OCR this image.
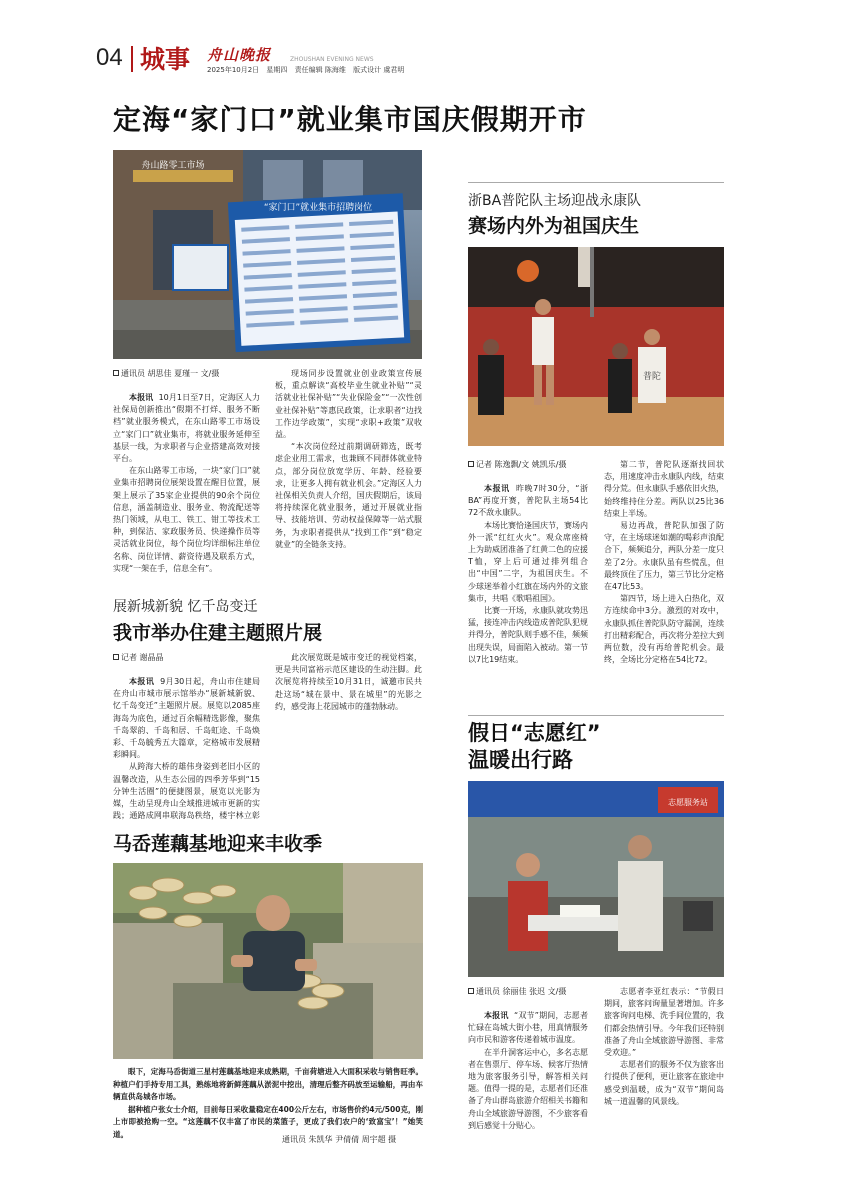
04 城事 舟山晚报	ZHOUSHAN EVENING NEWS
2025年10月2日 星期四 责任编辑 陈海维 版式设计 虞君明
定海“家门口”就业集市国庆假期开市
“家门口”就业集市招聘岗位
舟山路零工市场
通讯员 胡思佳 夏瑾一 文/摄

本报讯 10月1日至7日，定海区人力社保局创新推出“假期不打烊、服务不断档”就业服务模式，在东山路零工市场设立“家门口”就业集市，将就业服务延伸至基层一线，为求职者与企业搭建高效对接平台。

在东山路零工市场，一块“家门口”就业集市招聘岗位展架设置在醒目位置，展架上展示了35家企业提供的90余个岗位信息，涵盖制造业、服务业、物流配送等热门领域，从电工、铁工、钳工等技术工种，到保洁、家政服务员、快递操作员等灵活就业岗位，每个岗位均详细标注单位名称、岗位详情、薪资待遇及联系方式，实现“一架在手，信息全有”。

现场同步设置就业创业政策宣传展板，重点解读“高校毕业生就业补贴”“灵活就业社保补贴”“失业保险金”“一次性创业社保补贴”等惠民政策，让求职者“边找工作边学政策”，实现“求职+政策”双收益。

“本次岗位经过前期调研筛选，既考虑企业用工需求，也兼顾不同群体就业特点，部分岗位放宽学历、年龄、经验要求，让更多人拥有就业机会。”定海区人力社保相关负责人介绍，国庆假期后，该局将持续深化就业服务，通过开展就业指导、技能培训、劳动权益保障等一站式服务，为求职者提供从“找到工作”到“稳定就业”的全链条支持。

展新城新貌 忆千岛变迁
我市举办住建主题照片展
记者 谢晶晶

本报讯 9月30日起，舟山市住建局在舟山市城市展示馆举办“展新城新貌、忆千岛变迁”主题照片展。展览以2085座海岛为底色，通过百余幅精选影像，聚焦千岛翠韵、千岛和居、千岛虹途、千岛焕彩、千岛毓秀五大篇章，定格城市发展精彩瞬间。

从跨海大桥的雄伟身姿到老旧小区的温馨改造，从生态公园的四季芳华到“15分钟生活圈”的便捷图景，展览以光影为媒，生动呈现舟山全域推进城市更新的实践；通路成网串联海岛秩络，楼宇林立彰

此次展览既是城市变迁的视觉档案，更是共同富裕示范区建设的生动注脚。此次展览将持续至10月31日，诚邀市民共赴这场“城在景中、景在城里”的光影之约，感受海上花园城市的蓬勃脉动。

马岙莲藕基地迎来丰收季

眼下，定海马岙街道三星村莲藕基地迎来成熟期，千亩荷塘进入大面积采收与销售旺季。种植户们手持专用工具，熟练地将新鲜莲藕从淤泥中挖出，清理后整齐码放至运输船，再由车辆直供岛城各市场。

据种植户张女士介绍，目前每日采收量稳定在400公斤左右，市场售价约4元/500克，刚上市即被抢购一空。“这莲藕不仅丰富了市民的菜篮子，更成了我们农户的‘致富宝’！”她笑道。

通讯员 朱凯华 尹倩倩 周宇超 摄
浙BA普陀队主场迎战永康队
赛场内外为祖国庆生
普陀
记者 陈逸飘/文 姚凯乐/摄

本报讯 昨晚7时30分，“浙BA”再度开赛，普陀队主场54比72不敌永康队。

本场比赛恰逢国庆节，赛场内外一派“红红火火”。观众席座椅上为助威团准备了红黄二色的应援T恤，穿上后可通过排列组合出“中国”二字，为祖国庆生。不少球迷举着小红旗在场内外的文旅集市，共唱《歌唱祖国》。

比赛一开场，永康队就攻势迅猛，接连冲击内线造成普陀队犯规并得分，普陀队则手感不佳，频频出现失误，局面陷入被动。第一节以7比19结束。

第二节，普陀队逐渐找回状态，用速度冲击永康队内线，结束得分荒。但永康队手感依旧火热，始终维持住分差。两队以25比36结束上半场。

易边再战，普陀队加强了防守，在主场球迷如潮的喝彩声浪配合下，频频追分，两队分差一度只差了2分。永康队虽有些慌乱，但最终顶住了压力，第三节比分定格在47比53。

第四节，场上进入白热化，双方连续命中3分。激烈的对攻中，永康队抓住普陀队防守漏洞，连续打出精彩配合，再次将分差拉大到两位数，没有再给普陀机会。最终，全场比分定格在54比72。

假日“志愿红”
温暖出行路
志愿服务站
通讯员 徐丽佳 张迟 文/摄

本报讯 “双节”期间，志愿者忙碌在岛城大街小巷，用真情服务向市民和游客传递着城市温度。

在半升洞客运中心，多名志愿者在售票厅、停车场、候客厅热情地为旅客服务引导，解答相关问题。值得一提的是，志愿者们还准备了舟山群岛旅游介绍相关书籍和舟山全域旅游导游图，不少旅客看到后感觉十分贴心。

志愿者李亚红表示：“节假日期间，旅客问询量显著增加。许多旅客询问电梯、洗手间位置的，我们都会热情引导。今年我们还特别准备了舟山全域旅游导游图、非常受欢迎。”

志愿者们的服务不仅为旅客出行提供了便利，更让旅客在旅途中感受到温暖，成为“双节”期间岛城一道温馨的风景线。
